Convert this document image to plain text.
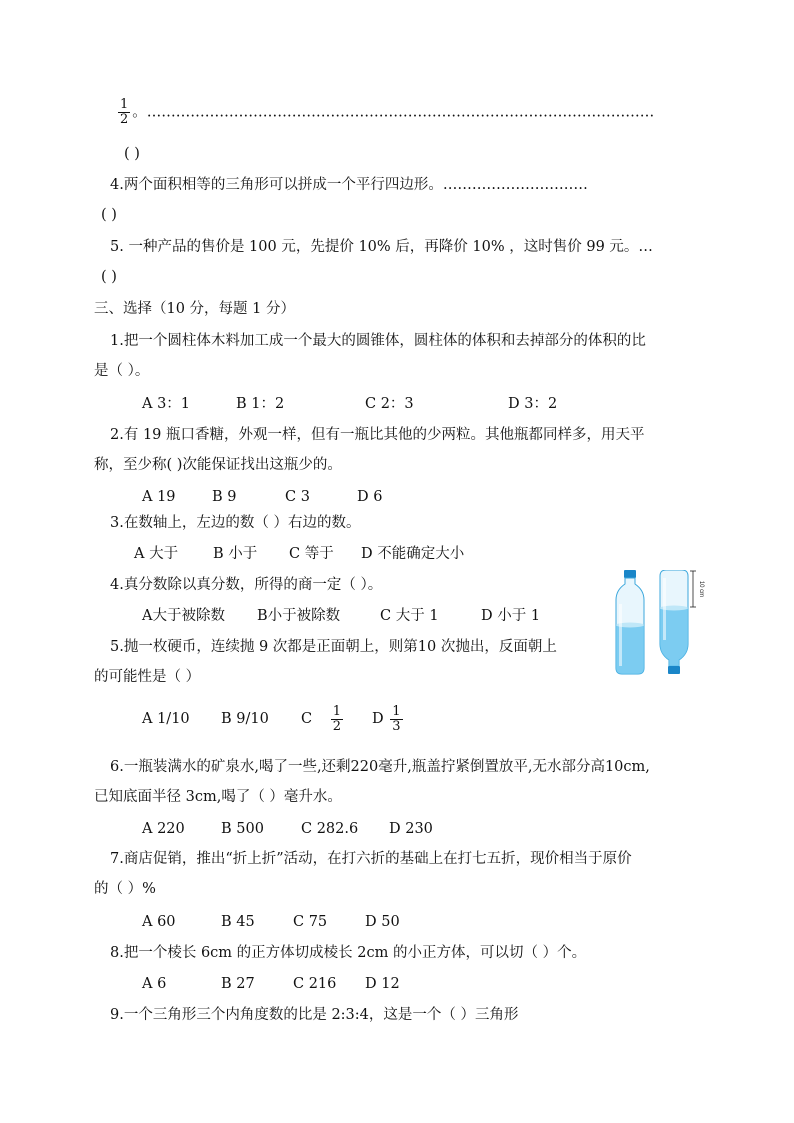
$\frac{1}{2}$ 。……………………………………………………………………………………………
( )
4.两个面积相等的三角形可以拼成一个平行四边形。…………………………
( )
5. 一种产品的售价是 100 元，先提价 10% 后，再降价 10% ，这时售价 99 元。…
( )
三、选择（10 分，每题 1 分）
1.把一个圆柱体木料加工成一个最大的圆锥体，圆柱体的体积和去掉部分的体积的比
是（ ）。
A 3：1	B 1：2	C 2：3	D 3：2
2.有 19 瓶口香糖，外观一样，但有一瓶比其他的少两粒。其他瓶都同样多，用天平
称，至少称( )次能保证找出这瓶少的。
A 19	B 9	C 3	D 6
3.在数轴上，左边的数（ ）右边的数。
A 大于 B 小于 C 等于 D 不能确定大小
4.真分数除以真分数，所得的商一定（ ）。
A大于被除数 B小于被除数	C 大于 1	D 小于 1
5.抛一枚硬币，连续抛 9 次都是正面朝上，则第10 次抛出，反面朝上
的可能性是（ ）
A 1/10 B 9/10 C $\frac{1}{2}$ D $\frac{1}{3}$
6.一瓶装满水的矿泉水,喝了一些,还剩220毫升,瓶盖拧紧倒置放平,无水部分高10cm,
已知底面半径 3cm,喝了（ ）毫升水。
A 220 B 500	C 282.6 D 230
7.商店促销，推出“折上折”活动，在打六折的基础上在打七五折，现价相当于原价
的（ ）%
A 60	B 45	C 75	D 50
8.把一个棱长 6cm 的正方体切成棱长 2cm 的小正方体，可以切（ ）个。
A 6	B 27	C 216 D 12
9.一个三角形三个内角度数的比是 2:3:4，这是一个（ ）三角形
10 cm
